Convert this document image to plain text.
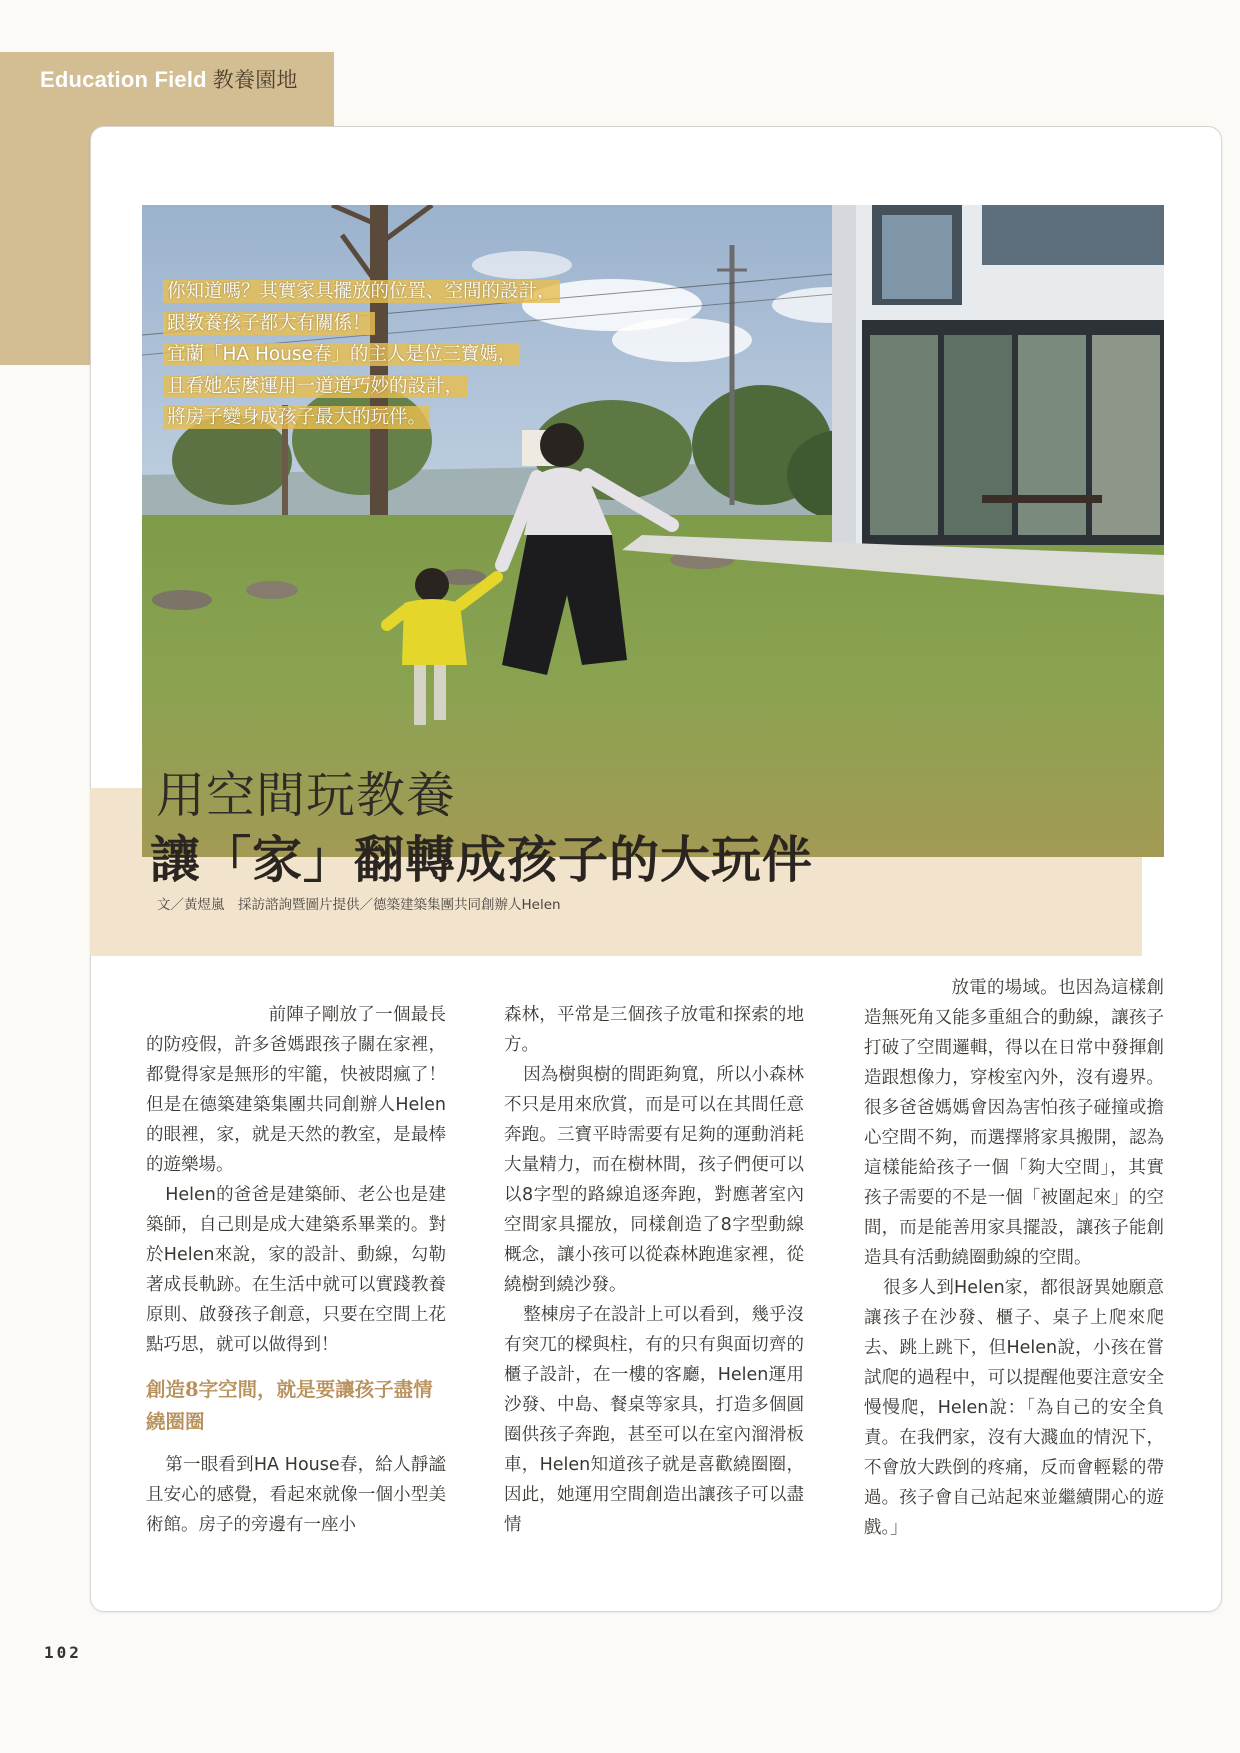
Education Field 教養園地
你知道嗎？其實家具擺放的位置、空間的設計，
跟教養孩子都大有關係！
宜蘭「HA House春」的主人是位三寶媽，
且看她怎麼運用一道道巧妙的設計，
將房子變身成孩子最大的玩伴。
用空間玩教養
讓「家」翻轉成孩子的大玩伴
文／黃煜嵐　採訪諮詢暨圖片提供／德築建築集團共同創辦人Helen

前陣子剛放了一個最長的防疫假，許多爸媽跟孩子關在家裡，都覺得家是無形的牢籠，快被悶瘋了！但是在德築建築集團共同創辦人Helen的眼裡，家，就是天然的教室，是最棒的遊樂場。

Helen的爸爸是建築師、老公也是建築師，自己則是成大建築系畢業的。對於Helen來說，家的設計、動線，勾勒著成長軌跡。在生活中就可以實踐教養原則、啟發孩子創意，只要在空間上花點巧思，就可以做得到！

創造8字空間，就是要讓孩子盡情繞圈圈

第一眼看到HA House春，給人靜謐且安心的感覺，看起來就像一個小型美術館。房子的旁邊有一座小

森林，平常是三個孩子放電和探索的地方。

因為樹與樹的間距夠寬，所以小森林不只是用來欣賞，而是可以在其間任意奔跑。三寶平時需要有足夠的運動消耗大量精力，而在樹林間，孩子們便可以以8字型的路線追逐奔跑，對應著室內空間家具擺放，同樣創造了8字型動線概念，讓小孩可以從森林跑進家裡，從繞樹到繞沙發。

整棟房子在設計上可以看到，幾乎沒有突兀的樑與柱，有的只有與面切齊的櫃子設計，在一樓的客廳，Helen運用沙發、中島、餐桌等家具，打造多個圓圈供孩子奔跑，甚至可以在室內溜滑板車，Helen知道孩子就是喜歡繞圈圈，因此，她運用空間創造出讓孩子可以盡情

放電的場域。也因為這樣創造無死角又能多重組合的動線，讓孩子打破了空間邏輯，得以在日常中發揮創造跟想像力，穿梭室內外，沒有邊界。很多爸爸媽媽會因為害怕孩子碰撞或擔心空間不夠，而選擇將家具搬開，認為這樣能給孩子一個「夠大空間」，其實孩子需要的不是一個「被圍起來」的空間，而是能善用家具擺設，讓孩子能創造具有活動繞圈動線的空間。

很多人到Helen家，都很訝異她願意讓孩子在沙發、櫃子、桌子上爬來爬去、跳上跳下，但Helen說，小孩在嘗試爬的過程中，可以提醒他要注意安全慢慢爬，Helen說：「為自己的安全負責。在我們家，沒有大濺血的情況下，不會放大跌倒的疼痛，反而會輕鬆的帶過。孩子會自己站起來並繼續開心的遊戲。」

102
